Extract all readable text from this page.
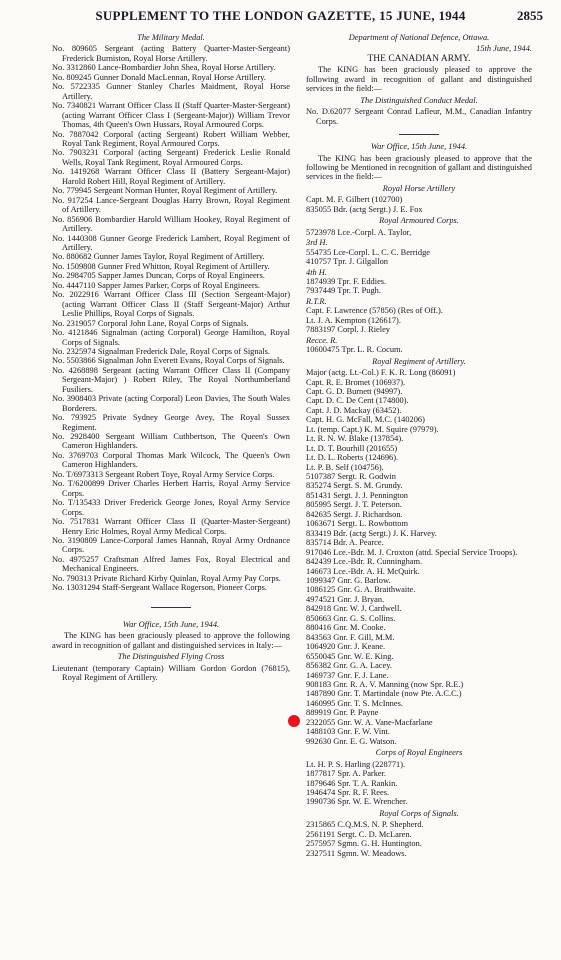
SUPPLEMENT TO THE LONDON GAZETTE, 15 JUNE, 1944	2855
The Military Medal.
No. 809605 Sergeant (acting Battery Quarter-Master-Sergeant) Frederick Burniston, Royal Horse Artillery.
No. 3312860 Lance-Bombardier John Shea, Royal Horse Artillery.
No. 809245 Gunner Donald MacLennan, Royal Horse Artillery.
No. 5722335 Gunner Stanley Charles Maidment, Royal Horse Artillery.
No. 7340821 Warrant Officer Class II (Staff Quarter-Master-Sergeant) (acting Warrant Officer Class I (Sergeant-Major)) William Trevor Thomas, 4th Queen's Own Hussars, Royal Armoured Corps.
No. 7887042 Corporal (acting Sergeant) Robert William Webber, Royal Tank Regiment, Royal Armoured Corps.
No. 7903231 Corporal (acting Sergeant) Frederick Leslie Ronald Wells, Royal Tank Regiment, Royal Armoured Corps.
No. 1419268 Warrant Officer Class II (Battery Sergeant-Major) Harold Robert Hill, Royal Regiment of Artillery.
No. 779945 Sergeant Norman Hunter, Royal Regiment of Artillery.
No. 917254 Lance-Sergeant Douglas Harry Brown, Royal Regiment of Artillery.
No. 856906 Bombardier Harold William Hookey, Royal Regiment of Artillery.
No. 1440308 Gunner George Frederick Lambert, Royal Regiment of Artillery.
No. 880682 Gunner James Taylor, Royal Regiment of Artillery.
No. 1509808 Gunner Fred Whitton, Royal Regiment of Artillery.
No. 2984705 Sapper James Duncan, Corps of Royal Engineers.
No. 4447110 Sapper James Parker, Corps of Royal Engineers.
No. 2022916 Warrant Officer Class III (Section Sergeant-Major) (acting Warrant Officer Class II (Staff Sergeant-Major) Arthur Leslie Phillips, Royal Corps of Signals.
No. 2319057 Corporal John Lane, Royal Corps of Signals.
No. 4121846 Signalman (acting Corporal) George Hamilton, Royal Corps of Signals.
No. 2325974 Signalman Frederick Dale, Royal Corps of Signals.
No. 5503866 Signalman John Everett Evans, Royal Corps of Signals.
No. 4268898 Sergeant (acting Warrant Officer Class II (Company Sergeant-Major) ) Robert Riley, The Royal Northumberland Fusiliers.
No. 3908403 Private (acting Corporal) Leon Davies, The South Wales Borderers.
No. 793925 Private Sydney George Avey, The Royal Sussex Regiment.
No. 2928400 Sergeant William Cuthbertson, The Queen's Own Cameron Highlanders.
No. 3769703 Corporal Thomas Mark Wilcock, The Queen's Own Cameron Highlanders.
No. T/6973313 Sergeant Robert Toye, Royal Army Service Corps.
No. T/6200899 Driver Charles Herbert Harris, Royal Army Service Corps.
No. T/135433 Driver Frederick George Jones, Royal Army Service Corps.
No. 7517831 Warrant Officer Class II (Quarter-Master-Sergeant) Henry Eric Holmes, Royal Army Medical Corps.
No. 3190809 Lance-Corporal James Hannah, Royal Army Ordnance Corps.
No. 4975257 Craftsman Alfred James Fox, Royal Electrical and Mechanical Engineers.
No. 790313 Private Richard Kirby Quinlan, Royal Army Pay Corps.
No. 13031294 Staff-Sergeant Wallace Rogerson, Pioneer Corps.
War Office, 15th June, 1944.
The KING has been graciously pleased to approve the following award in recognition of gallant and distinguished services in Italy:—
The Distinguished Flying Cross
Lieutenant (temporary Captain) William Gordon Gordon (76815), Royal Regiment of Artillery.
Department of National Defence, Ottawa.
15th June, 1944.
THE CANADIAN ARMY.
The KING has been graciously pleased to approve the following award in recognition of gallant and distinguished services in the field:—
The Distinguished Conduct Medal.
No. D.62077 Sergeant Conrad Lafleur, M.M., Canadian Infantry Corps.
War Office, 15th June, 1944.
The KING has been graciously pleased to approve that the following be Mentioned in recognition of gallant and distinguished services in the field:—
Royal Horse Artillery
Capt. M. F. Gilbert (102700)
835055 Bdr. (actg Sergt.) J. E. Fox
Royal Armoured Corps.
5723978 Lce.-Corpl. A. Taylor,
3rd H.
554735 Lce-Corpl. L. C. C. Berridge
410757 Tpr. J. Gilgallon
4th H.
1874939 Tpr. F. Eddies.
7937449 Tpr. T. Pugh.
R.T.R.
Capt. F. Lawrence (57856) (Res of Off.).
Lt. J. A. Kempton (126617).
7883197 Corpl. J. Rieley
Recce. R.
10600475 Tpr. L. R. Cocum.
Royal Regiment of Artillery.
Major (actg. Lt.-Col.) F. K. R. Long (86091)
Capt. R. E. Bromet (106937).
Capt. G. D. Burnett (94997).
Capt. D. C. De Cent (174800).
Capt. J. D. Mackay (63452).
Capt. H. G. McFall, M.C. (140206)
Lt. (temp. Capt.) K. M. Squire (97979).
Lt. R. N. W. Blake (137854).
Lt. D. T. Bourhill (201655)
Lt. D. L. Roberts (124696).
Lt. P. B. Self (104756).
5107387 Sergt. R. Godwin
835274 Sergt. S. M. Grundy.
851431 Sergt. J. J. Pennington
805995 Sergt. J. T. Peterson.
842635 Sergt. J. Richardson.
1063671 Sergt. L. Rowbottom
833419 Bdr. (actg Sergt.) J. K. Harvey.
835714 Bdr. A. Pearce.
917046 Lce.-Bdr. M. J. Croxton (attd. Special Service Troops).
842439 Lce.-Bdr. R. Cunningham.
146673 Lce.-Bdr. A. H. McQuirk.
1099347 Gnr. G. Barlow.
1086125 Gnr. G. A. Braithwaite.
4974521 Gnr. J. Bryan.
842918 Gnr. W. J. Cardwell.
850663 Gnr. G. S. Collins.
880416 Gnr. M. Cooke.
843563 Gnr. F. Gill, M.M.
1064920 Gnr. J. Keane.
6550045 Gnr. W. E. King.
856382 Gnr. G. A. Lacey.
1469737 Gnr. F. J. Lane.
908183 Gnr. R. A. V. Manning (now Spr. R.E.)
1487890 Gnr. T. Martindale (now Pte. A.C.C.)
1460995 Gnr. T. S. McInnes.
889919 Gnr. P. Payne
2322055 Gnr. W. A. Vane-Macfarlane
1488103 Gnr. F. W. Vint.
992630 Gnr. E. G. Watson.
Corps of Royal Engineers
Lt. H. P. S. Harling (228771).
1877817 Spr. A. Parker.
1879646 Spr. T. A. Rankin.
1946474 Spr. R. F. Rees.
1990736 Spr. W. E. Wrencher.
Royal Corps of Signals.
2315865 C.Q.M.S. N. P. Shepherd.
2561191 Sergt. C. D. McLaren.
2575957 Sgmn. G. H. Huntington.
2327511 Sgmn. W. Meadows.
